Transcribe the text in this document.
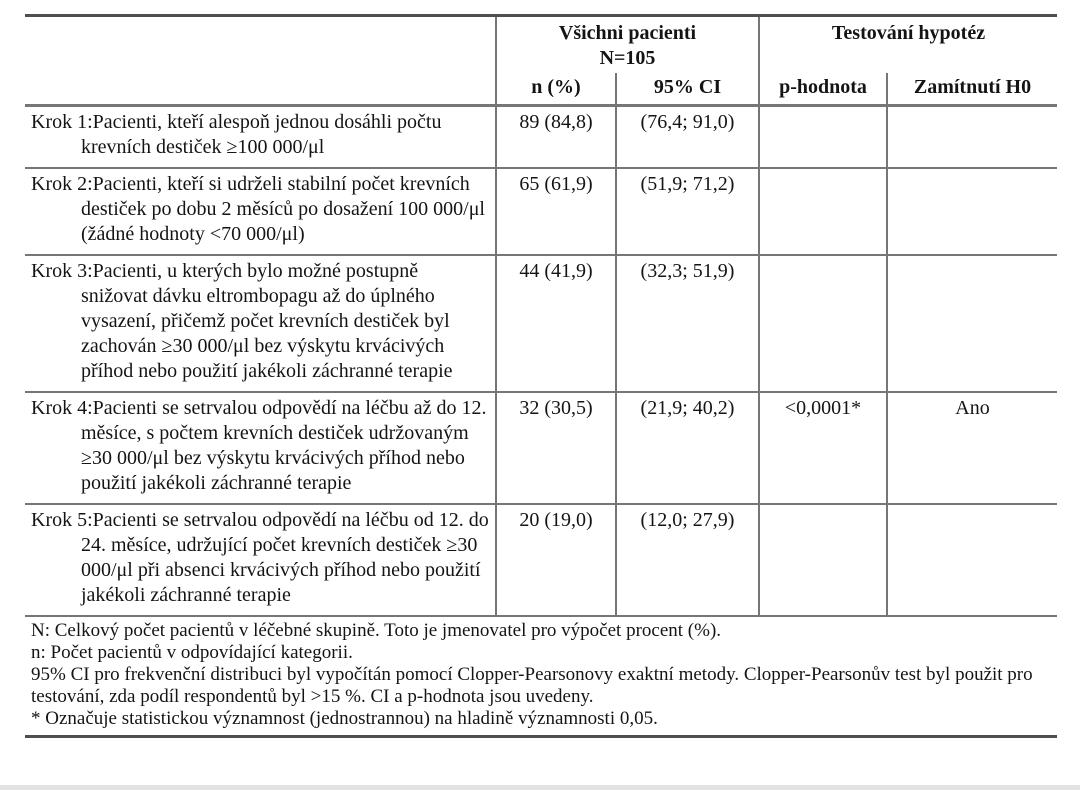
	Všichni pacienti
N=105		Testování hypotéz	

	n (%)	95% CI	p-hodnota	Zamítnutí H0
Krok 1:Pacienti, kteří alespoň jednou dosáhli počtu krevních destiček ≥100 000/μl	89 (84,8)	(76,4; 91,0)		
Krok 2:Pacienti, kteří si udrželi stabilní počet krevních destiček po dobu 2 měsíců po dosažení 100 000/μl (žádné hodnoty <70 000/μl)	65 (61,9)	(51,9; 71,2)		
Krok 3:Pacienti, u kterých bylo možné postupně snižovat dávku eltrombopagu až do úplného vysazení, přičemž počet krevních destiček byl zachován ≥30 000/μl bez výskytu krvácivých příhod nebo použití jakékoli záchranné terapie	44 (41,9)	(32,3; 51,9)		
Krok 4:Pacienti se setrvalou odpovědí na léčbu až do 12. měsíce, s počtem krevních destiček udržovaným ≥30 000/μl bez výskytu krvácivých příhod nebo použití jakékoli záchranné terapie	32 (30,5)	(21,9; 40,2)	<0,0001*	Ano
Krok 5:Pacienti se setrvalou odpovědí na léčbu od 12. do 24. měsíce, udržující počet krevních destiček ≥30 000/μl při absenci krvácivých příhod nebo použití jakékoli záchranné terapie	20 (19,0)	(12,0; 27,9)		

N: Celkový počet pacientů v léčebné skupině. Toto je jmenovatel pro výpočet procent (%).
n: Počet pacientů v odpovídající kategorii.
95% CI pro frekvenční distribuci byl vypočítán pomocí Clopper-Pearsonovy exaktní metody. Clopper-Pearsonův test byl použit pro testování, zda podíl respondentů byl >15 %. CI a p-hodnota jsou uvedeny.
* Označuje statistickou významnost (jednostrannou) na hladině významnosti 0,05.				
